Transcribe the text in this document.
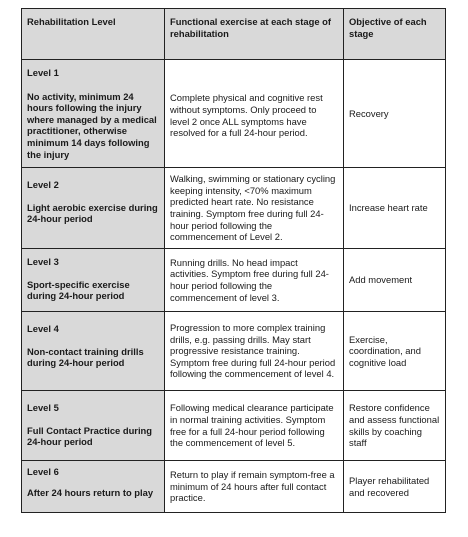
Rehabilitation Level	Functional exercise at each stage of rehabilitation	Objective of each stage

Level 1
No activity, minimum 24 hours following the injury where managed by a medical practitioner, otherwise minimum 14 days following the injury	Complete physical and cognitive rest without symptoms. Only proceed to level 2 once ALL symptoms have resolved for a full 24-hour period.	Recovery

Level 2
Light aerobic exercise during 24-hour period	Walking, swimming or stationary cycling keeping intensity, <70% maximum predicted heart rate. No resistance training. Symptom free during full 24-hour period following the commencement of Level 2.	Increase heart rate

Level 3
Sport-specific exercise during 24-hour period	Running drills. No head impact activities. Symptom free during full 24-hour period following the commencement of level 3.	Add movement

Level 4
Non-contact training drills during 24-hour period	Progression to more complex training drills, e.g. passing drills. May start progressive resistance training. Symptom free during full 24-hour period following the commencement of level 4.	Exercise, coordination, and cognitive load

Level 5
Full Contact Practice during 24-hour period	Following medical clearance participate in normal training activities. Symptom free for a full 24-hour period following the commencement of level 5.	Restore confidence and assess functional skills by coaching staff

Level 6
After 24 hours return to play	Return to play if remain symptom-free a minimum of 24 hours after full contact practice.	Player rehabilitated and recovered
